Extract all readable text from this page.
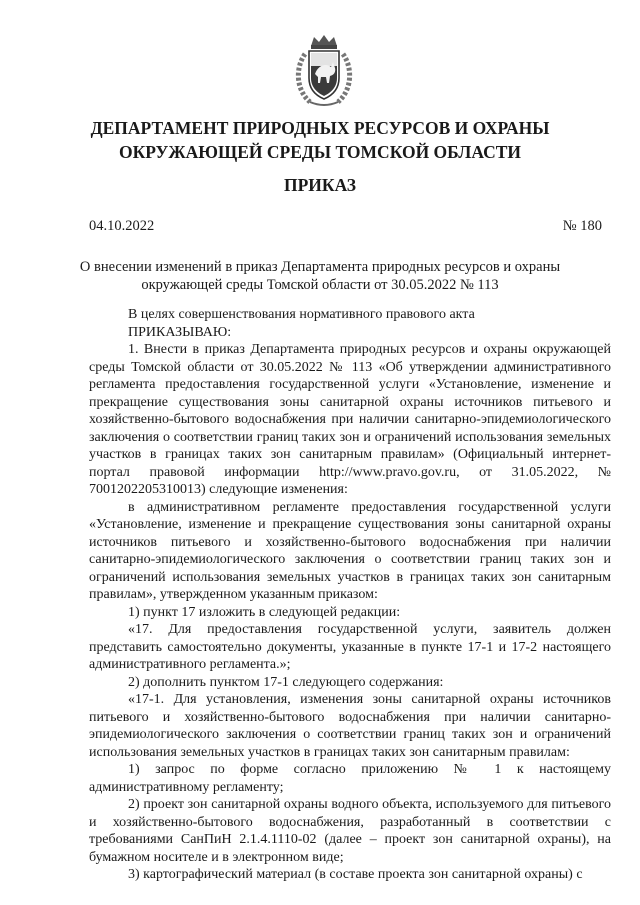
ДЕПАРТАМЕНТ ПРИРОДНЫХ РЕСУРСОВ И ОХРАНЫ
ОКРУЖАЮЩЕЙ СРЕДЫ ТОМСКОЙ ОБЛАСТИ
ПРИКАЗ
04.10.2022	№ 180
О внесении изменений в приказ Департамента природных ресурсов и охраны
окружающей среды Томской области от 30.05.2022 № 113

В целях совершенствования нормативного правового акта

ПРИКАЗЫВАЮ:

1. Внести в приказ Департамента природных ресурсов и охраны окружающей среды Томской области от 30.05.2022 № 113 «Об утверждении административного регламента предоставления государственной услуги «Установление, изменение и прекращение существования зоны санитарной охраны источников питьевого и хозяйственно-бытового водоснабжения при наличии санитарно-эпидемиологического заключения о соответствии границ таких зон и ограничений использования земельных участков в границах таких зон санитарным правилам» (Официальный интернет-портал правовой информации http://www.pravo.gov.ru, от 31.05.2022, № 7001202205310013) следующие изменения:

в административном регламенте предоставления государственной услуги «Установление, изменение и прекращение существования зоны санитарной охраны источников питьевого и хозяйственно-бытового водоснабжения при наличии санитарно-эпидемиологического заключения о соответствии границ таких зон и ограничений использования земельных участков в границах таких зон санитарным правилам», утвержденном указанным приказом:

1) пункт 17 изложить в следующей редакции:

«17. Для предоставления государственной услуги, заявитель должен представить самостоятельно документы, указанные в пункте 17-1 и 17-2 настоящего административного регламента.»;

2) дополнить пунктом 17-1 следующего содержания:

«17-1. Для установления, изменения зоны санитарной охраны источников питьевого и хозяйственно-бытового водоснабжения при наличии санитарно-эпидемиологического заключения о соответствии границ таких зон и ограничений использования земельных участков в границах таких зон санитарным правилам:

1) запрос по форме согласно приложению № 1 к настоящему административному регламенту;

2) проект зон санитарной охраны водного объекта, используемого для питьевого и хозяйственно-бытового водоснабжения, разработанный в соответствии с требованиями СанПиН 2.1.4.1110-02 (далее – проект зон санитарной охраны), на бумажном носителе и в электронном виде;

3) картографический материал (в составе проекта зон санитарной охраны) с
